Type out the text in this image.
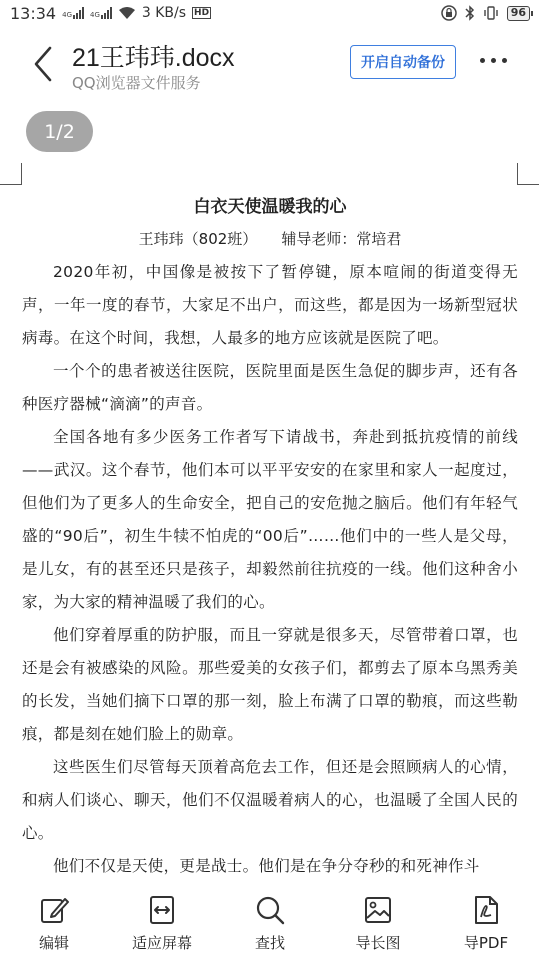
13:34 4G	4G	3 KB/s HD	96
21王玮玮.docx
QQ浏览器文件服务
开启自动备份
1/2
白衣天使温暖我的心
王玮玮（802班） 辅导老师：常培君

2020年初，中国像是被按下了暂停键，原本喧闹的街道变得无声，一年一度的春节，大家足不出户，而这些，都是因为一场新型冠状病毒。在这个时间，我想，人最多的地方应该就是医院了吧。

一个个的患者被送往医院，医院里面是医生急促的脚步声，还有各种医疗器械“滴滴”的声音。

全国各地有多少医务工作者写下请战书，奔赴到抵抗疫情的前线——武汉。这个春节，他们本可以平平安安的在家里和家人一起度过，但他们为了更多人的生命安全，把自己的安危抛之脑后。他们有年轻气盛的“90后”，初生牛犊不怕虎的“00后”……他们中的一些人是父母，是儿女，有的甚至还只是孩子，却毅然前往抗疫的一线。他们这种舍小家，为大家的精神温暖了我们的心。

他们穿着厚重的防护服，而且一穿就是很多天，尽管带着口罩，也还是会有被感染的风险。那些爱美的女孩子们，都剪去了原本乌黑秀美的长发，当她们摘下口罩的那一刻，脸上布满了口罩的勒痕，而这些勒痕，都是刻在她们脸上的勋章。

这些医生们尽管每天顶着高危去工作，但还是会照顾病人的心情，和病人们谈心、聊天，他们不仅温暖着病人的心，也温暖了全国人民的心。

他们不仅是天使，更是战士。他们是在争分夺秒的和死神作斗

编辑	适应屏幕	查找	导长图	导PDF
